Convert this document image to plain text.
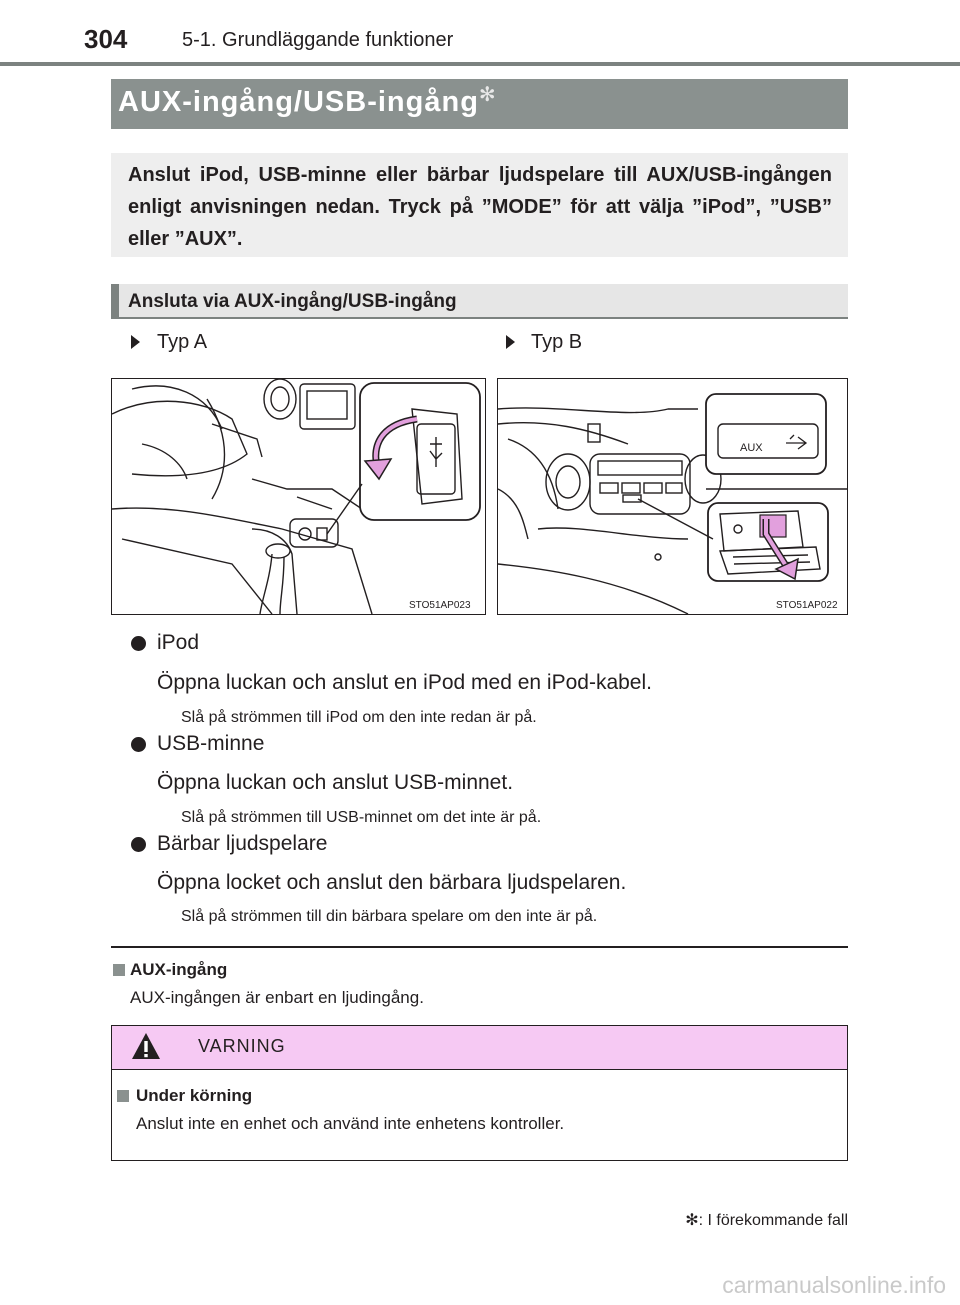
304	5-1. Grundläggande funktioner
AUX-ingång/USB-ingång✻
Anslut iPod, USB-minne eller bärbar ljudspelare till AUX/USB-ingången enligt anvisningen nedan. Tryck på ”MODE” för att välja ”iPod”, ”USB” eller ”AUX”.
Ansluta via AUX-ingång/USB-ingång
Typ A	Typ B
STO51AP023
AUX
STO51AP022
iPod
Öppna luckan och anslut en iPod med en iPod-kabel.
Slå på strömmen till iPod om den inte redan är på.
USB-minne
Öppna luckan och anslut USB-minnet.
Slå på strömmen till USB-minnet om det inte är på.
Bärbar ljudspelare
Öppna locket och anslut den bärbara ljudspelaren.
Slå på strömmen till din bärbara spelare om den inte är på.
AUX-ingång
AUX-ingången är enbart en ljudingång.
VARNING
Under körning
Anslut inte en enhet och använd inte enhetens kontroller.
✻: I förekommande fall
carmanualsonline.info
